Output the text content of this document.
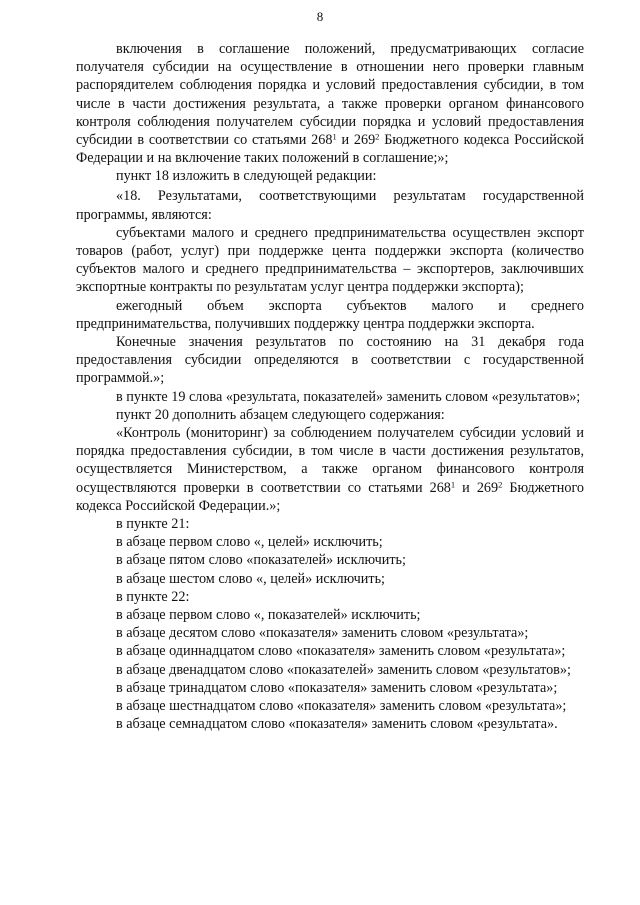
8

включения в соглашение положений, предусматривающих согласие получателя субсидии на осуществление в отношении него проверки главным распорядителем соблюдения порядка и условий предоставления субсидии, в том числе в части достижения результата, а также проверки органом финансового контроля соблюдения получателем субсидии порядка и условий предоставления субсидии в соответствии со статьями $268^1$ и $269^2$ Бюджетного кодекса Российской Федерации и на включение таких положений в соглашение;»;

пункт 18 изложить в следующей редакции:

«18. Результатами, соответствующими результатам государственной программы, являются:

субъектами малого и среднего предпринимательства осуществлен экспорт товаров (работ, услуг) при поддержке цента поддержки экспорта (количество субъектов малого и среднего предпринимательства – экспортеров, заключивших экспортные контракты по результатам услуг центра поддержки экспорта);

ежегодный объем экспорта субъектов малого и среднего предпринимательства, получивших поддержку центра поддержки экспорта.

Конечные значения результатов по состоянию на 31 декабря года предоставления субсидии определяются в соответствии с государственной программой.»;

в пункте 19 слова «результата, показателей» заменить словом «результатов»;

пункт 20 дополнить абзацем следующего содержания:

«Контроль (мониторинг) за соблюдением получателем субсидии условий и порядка предоставления субсидии, в том числе в части достижения результатов, осуществляется Министерством, а также органом финансового контроля осуществляются проверки в соответствии со статьями $268^1$ и $269^2$ Бюджетного кодекса Российской Федерации.»;

в пункте 21:

в абзаце первом слово «, целей» исключить;

в абзаце пятом слово «показателей» исключить;

в абзаце шестом слово «, целей» исключить;

в пункте 22:

в абзаце первом слово «, показателей» исключить;

в абзаце десятом слово «показателя» заменить словом «результата»;

в абзаце одиннадцатом слово «показателя» заменить словом «результата»;

в абзаце двенадцатом слово «показателей» заменить словом «результатов»;

в абзаце тринадцатом слово «показателя» заменить словом «результата»;

в абзаце шестнадцатом слово «показателя» заменить словом «результата»;

в абзаце семнадцатом слово «показателя» заменить словом «результата».
